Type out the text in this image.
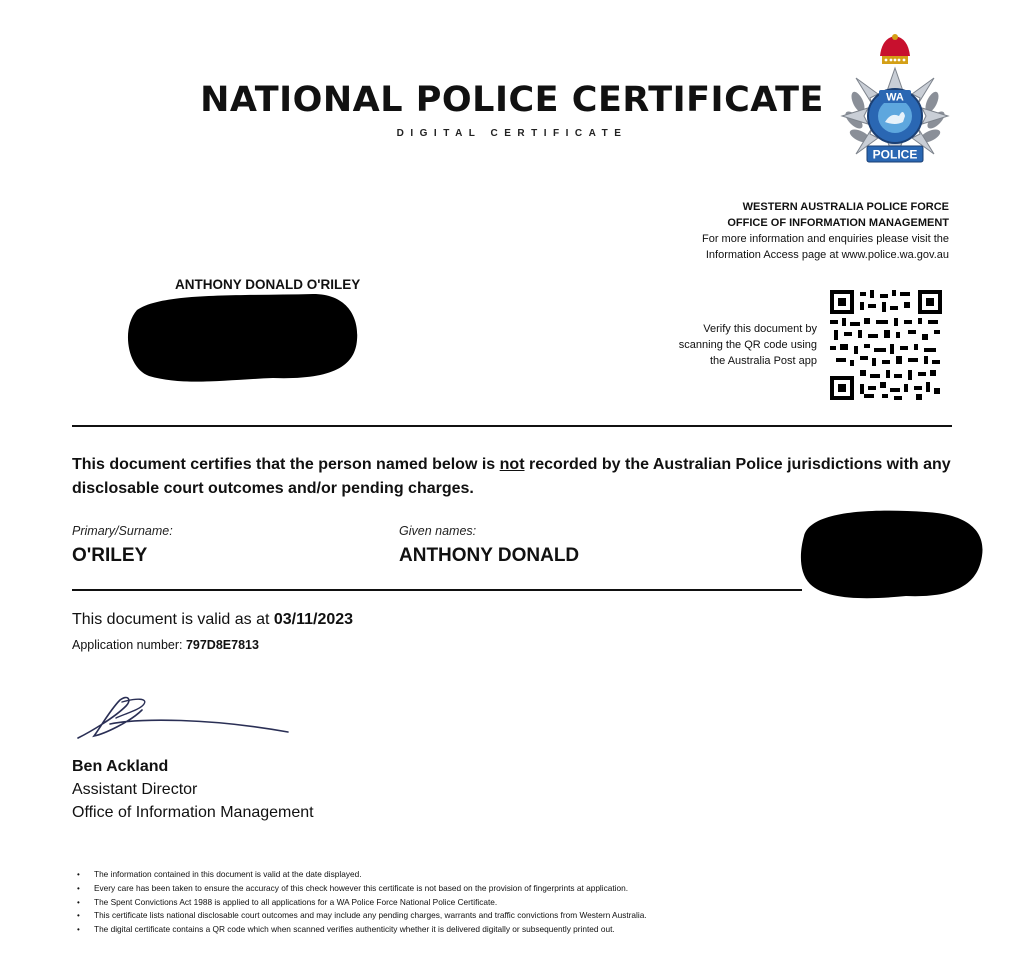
NATIONAL POLICE CERTIFICATE
DIGITAL CERTIFICATE
WA
POLICE
WESTERN AUSTRALIA POLICE FORCE
OFFICE OF INFORMATION MANAGEMENT
For more information and enquiries please visit the
Information Access page at www.police.wa.gov.au
ANTHONY DONALD O'RILEY
Verify this document by
scanning the QR code using
the Australia Post app
This document certifies that the person named below is not recorded by the Australian Police jurisdictions with any disclosable court outcomes and/or pending charges.
Primary/Surname:
O'RILEY
Given names:
ANTHONY DONALD
This document is valid as at 03/11/2023
Application number: 797D8E7813
Ben Ackland
Assistant Director
Office of Information Management
• The information contained in this document is valid at the date displayed.
• Every care has been taken to ensure the accuracy of this check however this certificate is not based on the provision of fingerprints at application.
• The Spent Convictions Act 1988 is applied to all applications for a WA Police Force National Police Certificate.
• This certificate lists national disclosable court outcomes and may include any pending charges, warrants and traffic convictions from Western Australia.
• The digital certificate contains a QR code which when scanned verifies authenticity whether it is delivered digitally or subsequently printed out.
